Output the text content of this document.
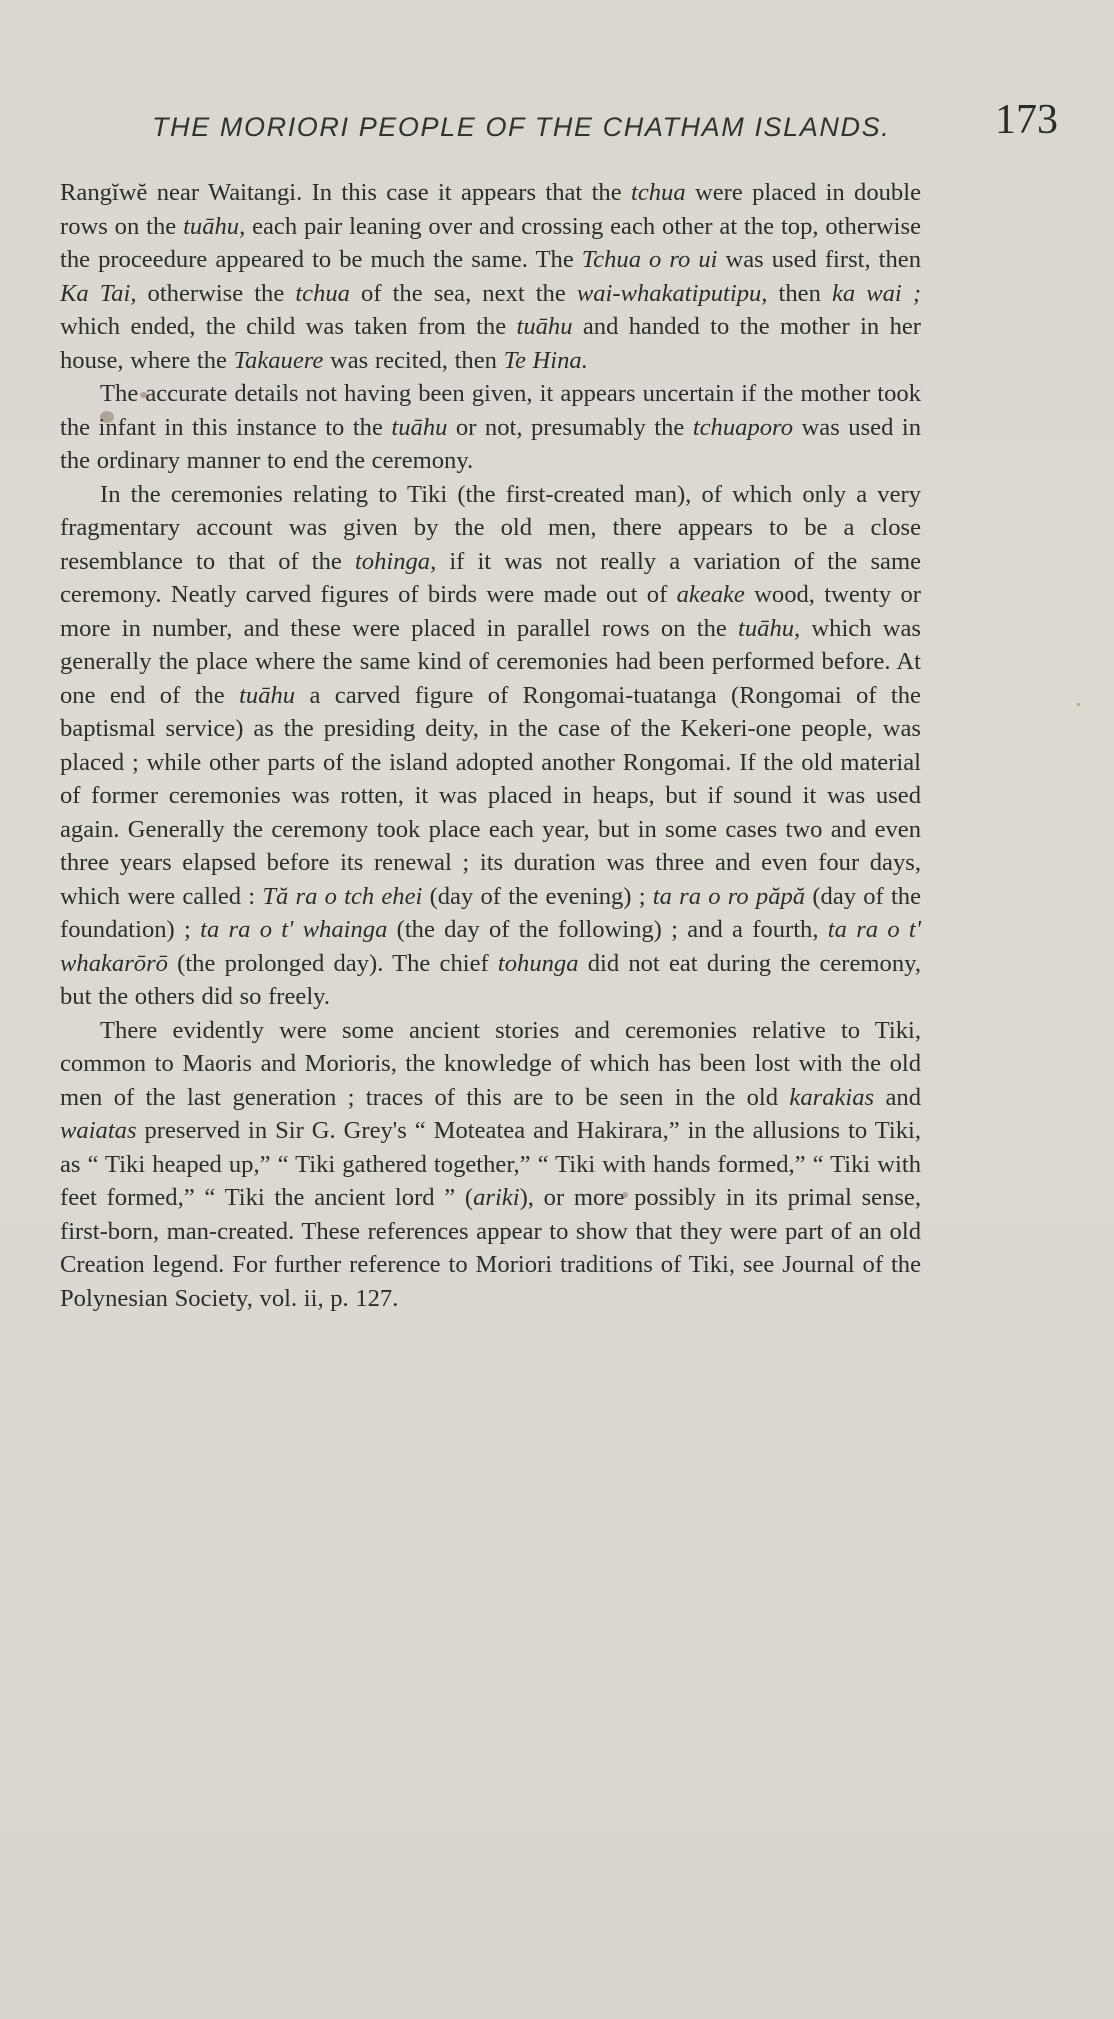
THE MORIORI PEOPLE OF THE CHATHAM ISLANDS. 173

Rangĭwĕ near Waitangi. In this case it appears that the tchua were placed in double rows on the tuāhu, each pair leaning over and crossing each other at the top, otherwise the proceedure appeared to be much the same. The Tchua o ro ui was used first, then Ka Tai, otherwise the tchua of the sea, next the wai-whakatiputipu, then ka wai ; which ended, the child was taken from the tuāhu and handed to the mother in her house, where the Takauere was recited, then Te Hina.

The accurate details not having been given, it appears uncertain if the mother took the infant in this instance to the tuāhu or not, presumably the tchuaporo was used in the ordinary manner to end the ceremony.

In the ceremonies relating to Tiki (the first-created man), of which only a very fragmentary account was given by the old men, there appears to be a close resemblance to that of the tohinga, if it was not really a variation of the same ceremony. Neatly carved figures of birds were made out of akeake wood, twenty or more in number, and these were placed in parallel rows on the tuāhu, which was generally the place where the same kind of ceremonies had been performed before. At one end of the tuāhu a carved figure of Rongomai-tuatanga (Rongomai of the baptismal service) as the presiding deity, in the case of the Kekeri-one people, was placed ; while other parts of the island adopted another Rongomai. If the old material of former ceremonies was rotten, it was placed in heaps, but if sound it was used again. Generally the ceremony took place each year, but in some cases two and even three years elapsed before its renewal ; its duration was three and even four days, which were called : Tă ra o tch ehei (day of the evening) ; ta ra o ro păpă (day of the foundation) ; ta ra o t' whainga (the day of the following) ; and a fourth, ta ra o t' whakarōrō (the prolonged day). The chief tohunga did not eat during the ceremony, but the others did so freely.

There evidently were some ancient stories and ceremonies relative to Tiki, common to Maoris and Morioris, the knowledge of which has been lost with the old men of the last generation ; traces of this are to be seen in the old karakias and waiatas preserved in Sir G. Grey's “ Moteatea and Hakirara,” in the allusions to Tiki, as “ Tiki heaped up,” “ Tiki gathered together,” “ Tiki with hands formed,” “ Tiki with feet formed,” “ Tiki the ancient lord ” (ariki), or more possibly in its primal sense, first-born, man-created. These references appear to show that they were part of an old Creation legend. For further reference to Moriori traditions of Tiki, see Journal of the Polynesian Society, vol. ii, p. 127.
